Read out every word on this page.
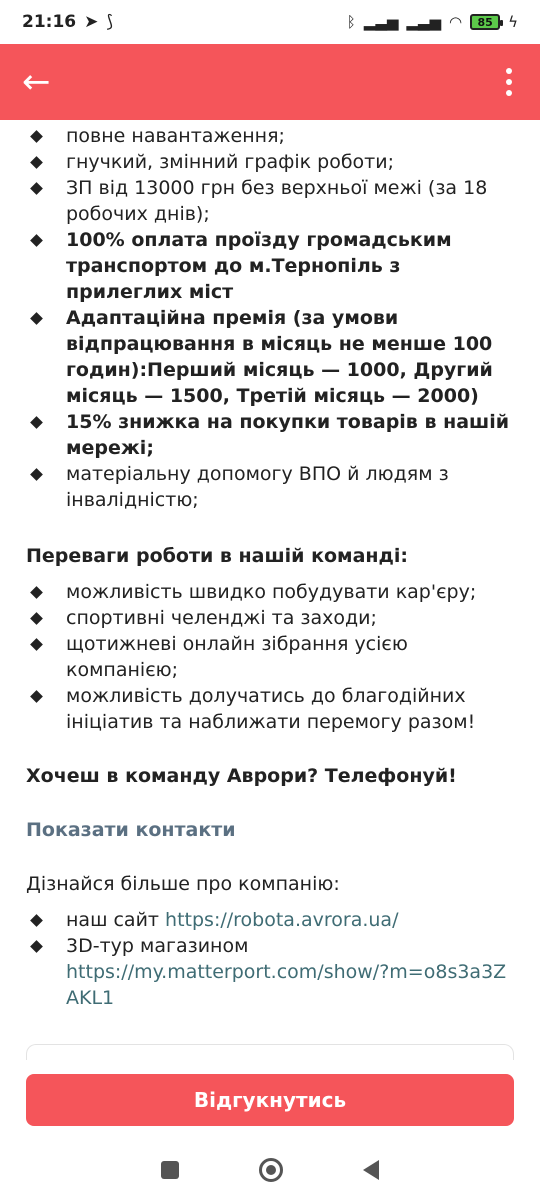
21:16 ➤ ⟆	ᛒ ▂▃▅ ▂▃▅ ◠	85	ϟ
←
повне навантаження;
гнучкий, змінний графік роботи;
ЗП від 13000 грн без верхньої межі (за 18 робочих днів);
100% оплата проїзду громадським транспортом до м.Тернопіль з прилеглих міст
Адаптаційна премія (за умови відпрацювання в місяць не менше 100 годин):Перший місяць — 1000, Другий місяць — 1500, Третій місяць — 2000)
15% знижка на покупки товарів в нашій мережі;
матеріальну допомогу ВПО й людям з інвалідністю;
Переваги роботи в нашій команді:
можливість швидко побудувати кар'єру;
спортивні челенджі та заходи;
щотижневі онлайн зібрання усією компанією;
можливість долучатись до благодійних ініціатив та наближати перемогу разом!
Хочеш в команду Аврори? Телефонуй!
Показати контакти
Дізнайся більше про компанію:
наш сайт https://robota.avrora.ua/
3D-тур магазином
https://my.matterport.com/show/?m=o8s3a3ZAKL1
Відгукнутись
